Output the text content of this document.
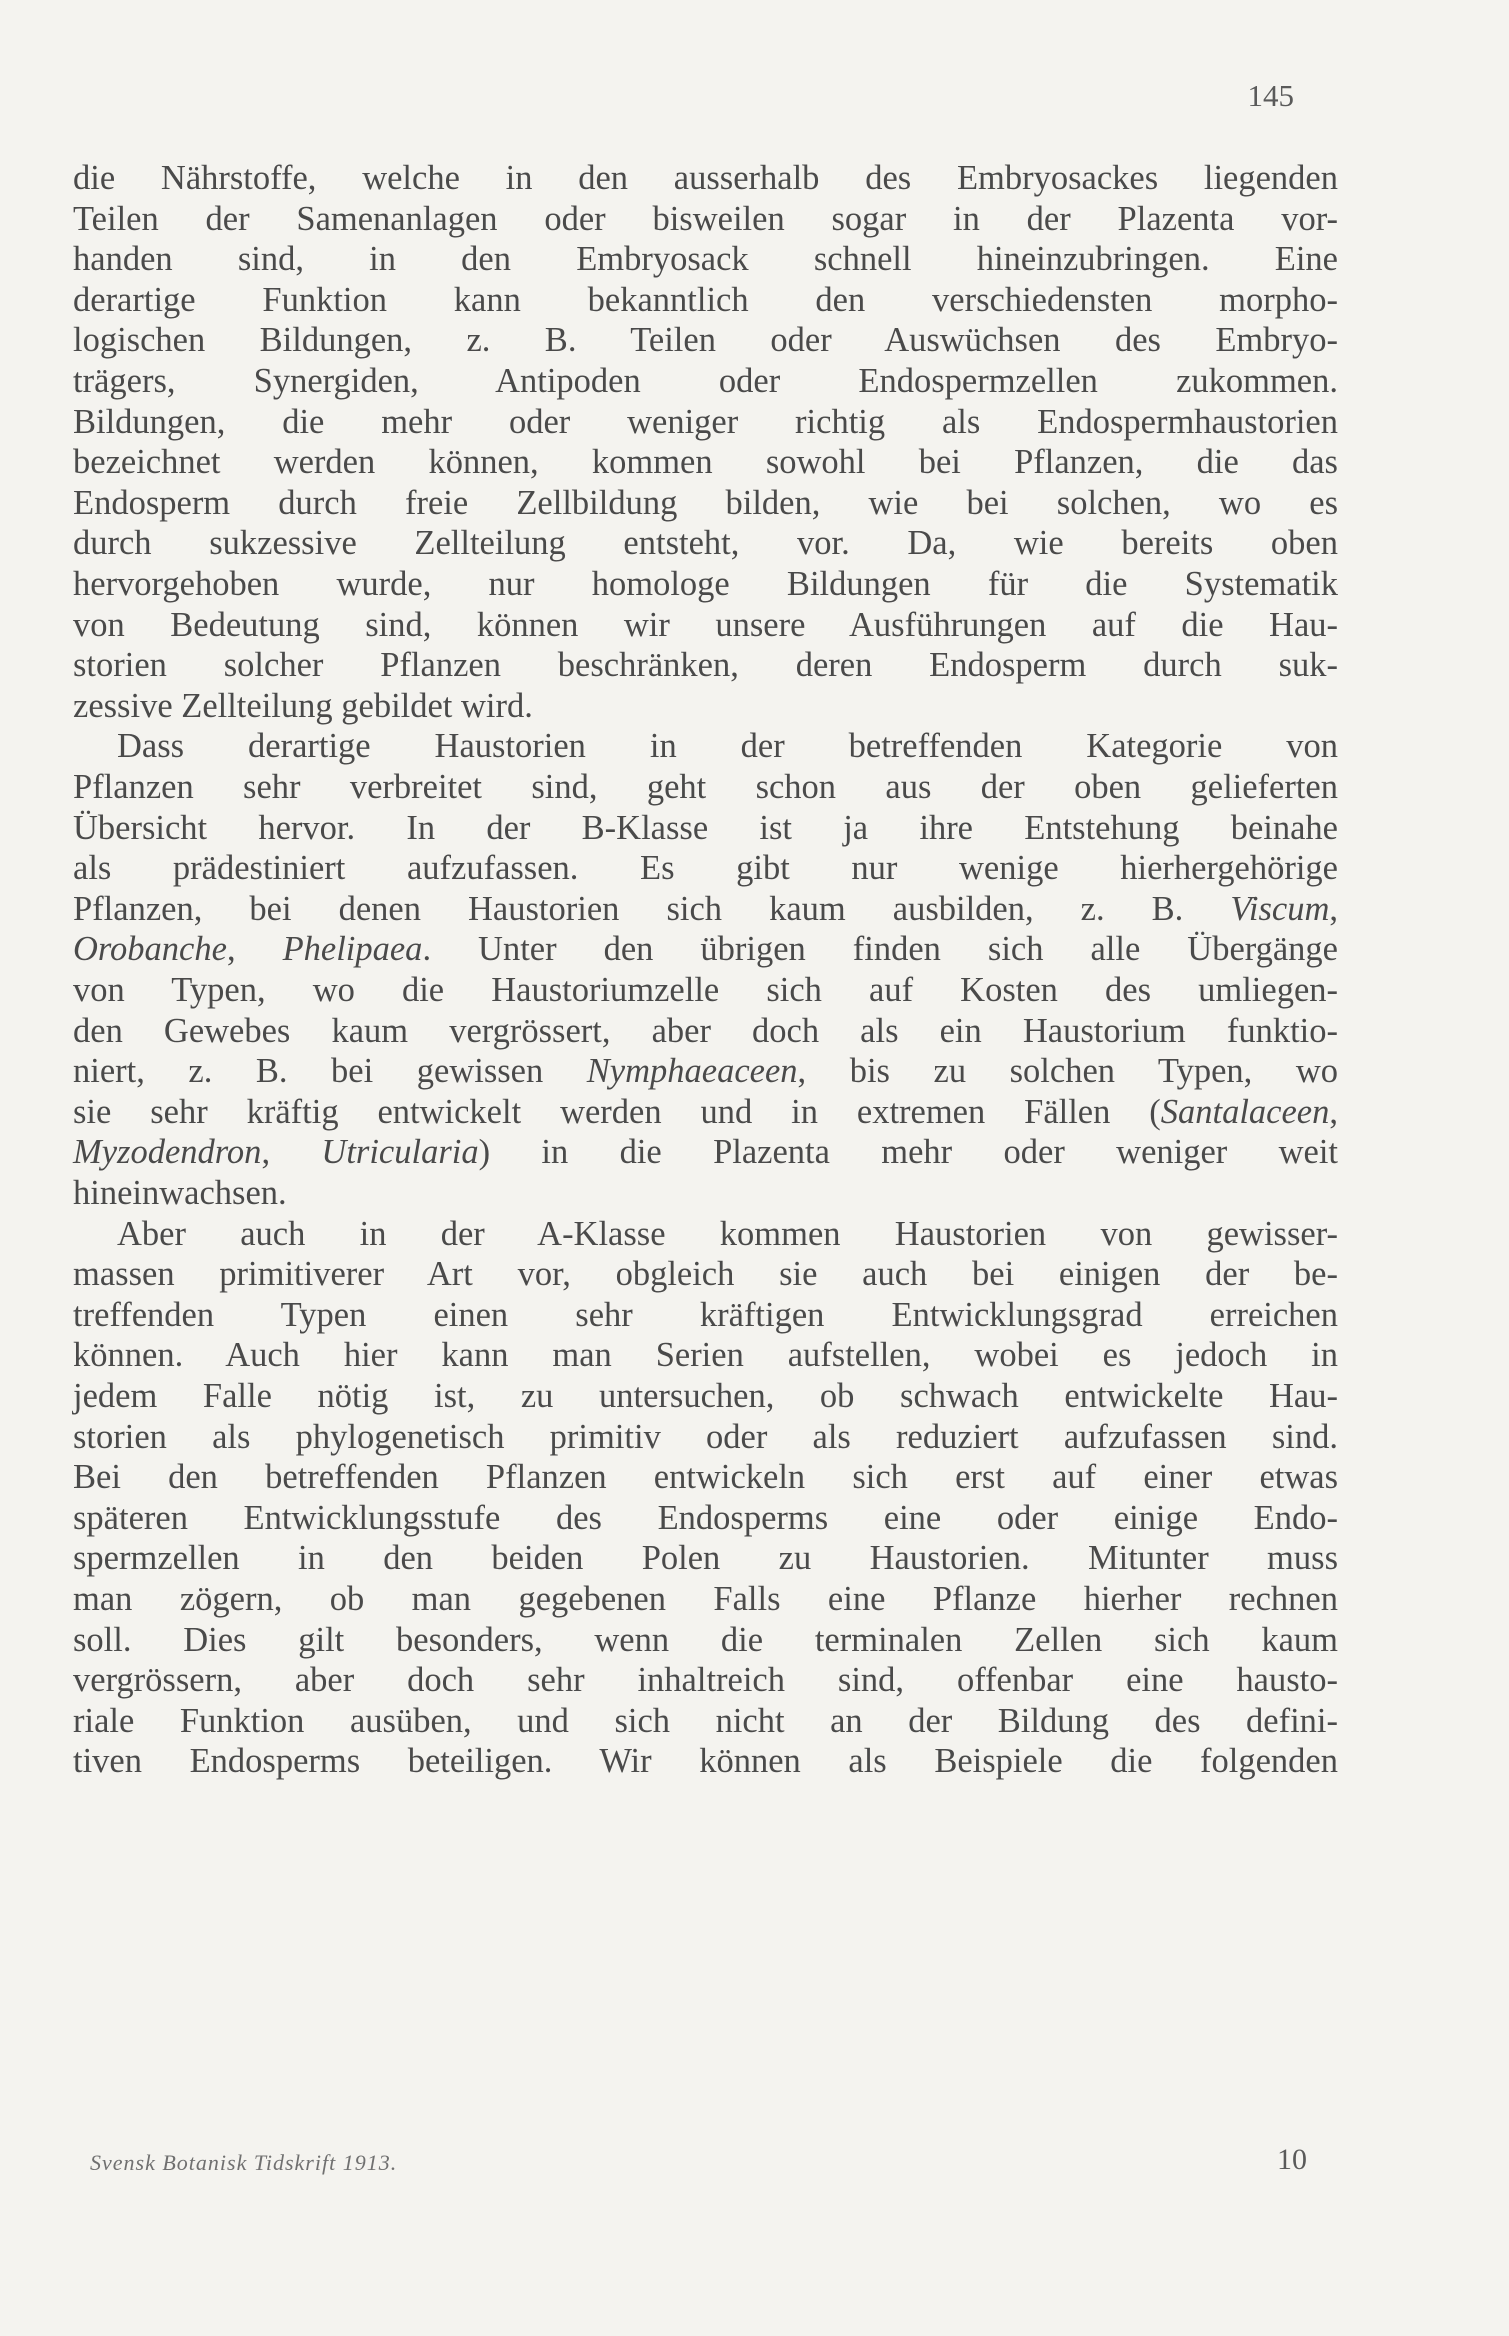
145
die Nährstoffe, welche in den ausserhalb des Embryosackes liegenden
Teilen der Samenanlagen oder bisweilen sogar in der Plazenta vor-
handen sind, in den Embryosack schnell hineinzubringen. Eine
derartige Funktion kann bekanntlich den verschiedensten morpho-
logischen Bildungen, z. B. Teilen oder Auswüchsen des Embryo-
trägers, Synergiden, Antipoden oder Endospermzellen zukommen.
Bildungen, die mehr oder weniger richtig als Endospermhaustorien
bezeichnet werden können, kommen sowohl bei Pflanzen, die das
Endosperm durch freie Zellbildung bilden, wie bei solchen, wo es
durch sukzessive Zellteilung entsteht, vor. Da, wie bereits oben
hervorgehoben wurde, nur homologe Bildungen für die Systematik
von Bedeutung sind, können wir unsere Ausführungen auf die Hau-
storien solcher Pflanzen beschränken, deren Endosperm durch suk-
zessive Zellteilung gebildet wird.
Dass derartige Haustorien in der betreffenden Kategorie von
Pflanzen sehr verbreitet sind, geht schon aus der oben gelieferten
Übersicht hervor. In der B-Klasse ist ja ihre Entstehung beinahe
als prädestiniert aufzufassen. Es gibt nur wenige hierhergehörige
Pflanzen, bei denen Haustorien sich kaum ausbilden, z. B. Viscum,
Orobanche, Phelipaea. Unter den übrigen finden sich alle Übergänge
von Typen, wo die Haustoriumzelle sich auf Kosten des umliegen-
den Gewebes kaum vergrössert, aber doch als ein Haustorium funktio-
niert, z. B. bei gewissen Nymphaeaceen, bis zu solchen Typen, wo
sie sehr kräftig entwickelt werden und in extremen Fällen (Santalaceen,
Myzodendron, Utricularia) in die Plazenta mehr oder weniger weit
hineinwachsen.
Aber auch in der A-Klasse kommen Haustorien von gewisser-
massen primitiverer Art vor, obgleich sie auch bei einigen der be-
treffenden Typen einen sehr kräftigen Entwicklungsgrad erreichen
können. Auch hier kann man Serien aufstellen, wobei es jedoch in
jedem Falle nötig ist, zu untersuchen, ob schwach entwickelte Hau-
storien als phylogenetisch primitiv oder als reduziert aufzufassen sind.
Bei den betreffenden Pflanzen entwickeln sich erst auf einer etwas
späteren Entwicklungsstufe des Endosperms eine oder einige Endo-
spermzellen in den beiden Polen zu Haustorien. Mitunter muss
man zögern, ob man gegebenen Falls eine Pflanze hierher rechnen
soll. Dies gilt besonders, wenn die terminalen Zellen sich kaum
vergrössern, aber doch sehr inhaltreich sind, offenbar eine hausto-
riale Funktion ausüben, und sich nicht an der Bildung des defini-
tiven Endosperms beteiligen. Wir können als Beispiele die folgenden
Svensk Botanisk Tidskrift 1913.	10
